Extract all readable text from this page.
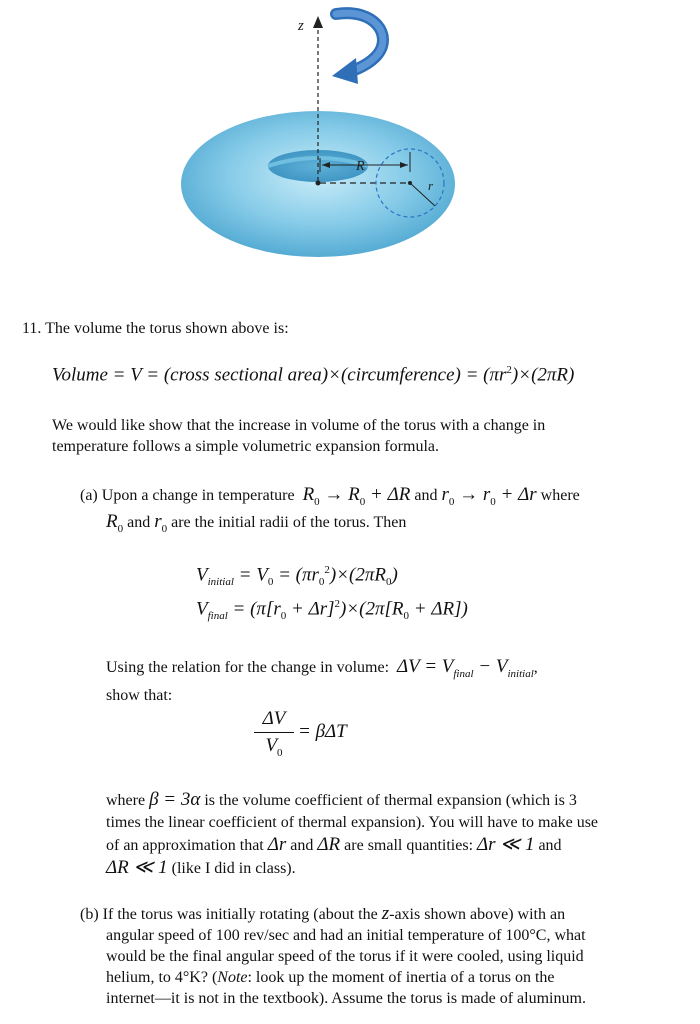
z
R
r
11. The volume the torus shown above is:
Volume = V = (cross sectional area)×(circumference) = $(\pi r^2)\times(2\pi R)$
We would like show that the increase in volume of the torus with a change in
temperature follows a simple volumetric expansion formula.
(a) Upon a change in temperature $R_0 \to R_0 + \Delta R$ and $r_0 \to r_0 + \Delta r$ where
$R_0$ and $r_0$ are the initial radii of the torus. Then
$V_{initial} = V_0 = (\pi r_0^2)\times(2\pi R_0)$
$V_{final} = (\pi[r_0 + \Delta r]^2)\times(2\pi[R_0 + \Delta R])$
Using the relation for the change in volume: $\Delta V = V_{final} - V_{initial}$,
show that:
ΔV
$V_0$
= βΔT
where β = 3α is the volume coefficient of thermal expansion (which is 3
times the linear coefficient of thermal expansion). You will have to make use
of an approximation that Δr and ΔR are small quantities: Δr ≪ 1 and
ΔR ≪ 1 (like I did in class).
(b) If the torus was initially rotating (about the z-axis shown above) with an
angular speed of 100 rev/sec and had an initial temperature of 100°C, what
would be the final angular speed of the torus if it were cooled, using liquid
helium, to 4°K? (Note: look up the moment of inertia of a torus on the
internet—it is not in the textbook). Assume the torus is made of aluminum.
